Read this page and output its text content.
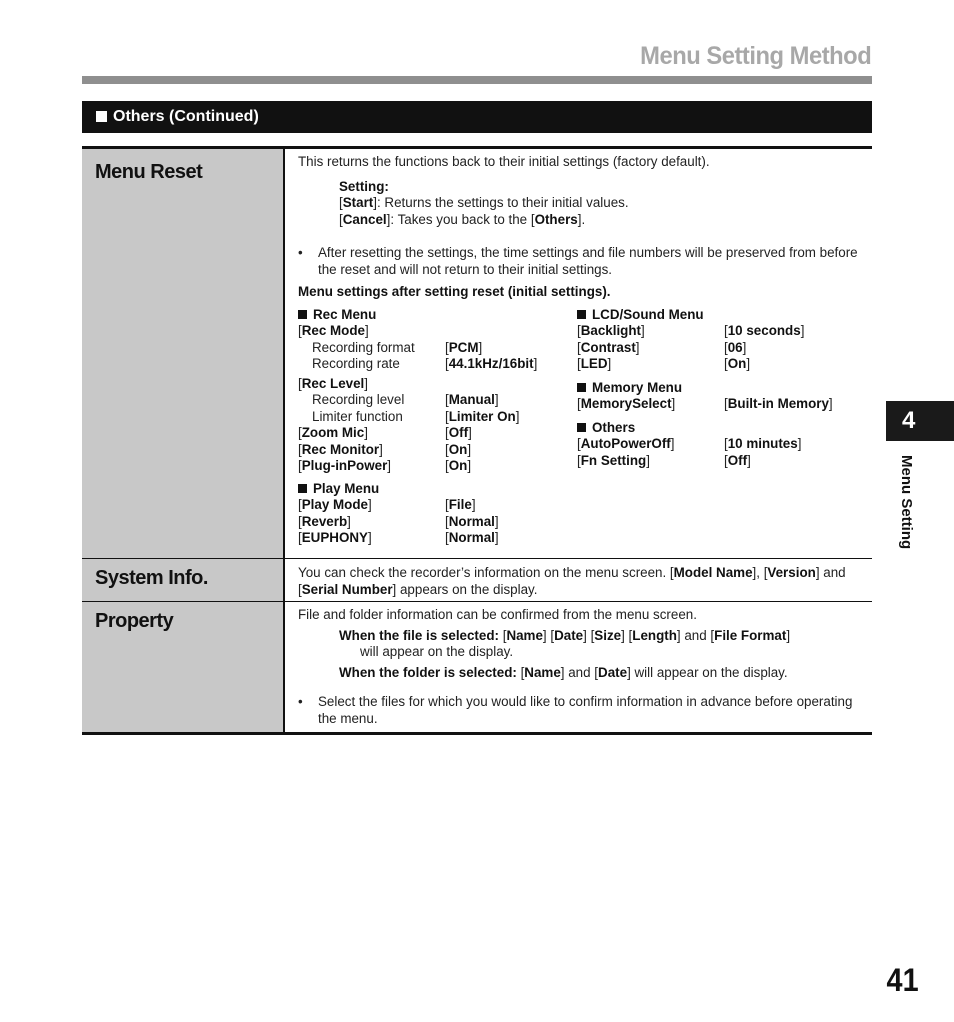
Menu Setting Method
Others (Continued)
Menu Reset	This returns the functions back to their initial settings (factory default).
Setting:
[Start]: Returns the settings to their initial values.
[Cancel]: Takes you back to the [Others].
•	After resetting the settings, the time settings and file numbers will be preserved from before the reset and will not return to their initial settings.
Menu settings after setting reset (initial settings).
Rec Menu
[Rec Mode]
Recording format	[PCM]
Recording rate	[44.1kHz/16bit]
[Rec Level]
Recording level	[Manual]
Limiter function	[Limiter On]
[Zoom Mic]	[Off]
[Rec Monitor]	[On]
[Plug-inPower]	[On]
Play Menu
[Play Mode]	[File]
[Reverb]	[Normal]
[EUPHONY]	[Normal]
LCD/Sound Menu
[Backlight]	[10 seconds]
[Contrast]	[06]
[LED]	[On]
Memory Menu
[MemorySelect]	[Built-in Memory]
Others
[AutoPowerOff]	[10 minutes]
[Fn Setting]	[Off]
System Info.	You can check the recorder’s information on the menu screen. [Model Name], [Version] and [Serial Number] appears on the display.
Property	File and folder information can be confirmed from the menu screen.
When the file is selected: [Name] [Date] [Size] [Length] and [File Format]
will appear on the display.
When the folder is selected: [Name] and [Date] will appear on the display.
•	Select the files for which you would like to confirm information in advance before operating the menu.
4
Menu Setting
41
